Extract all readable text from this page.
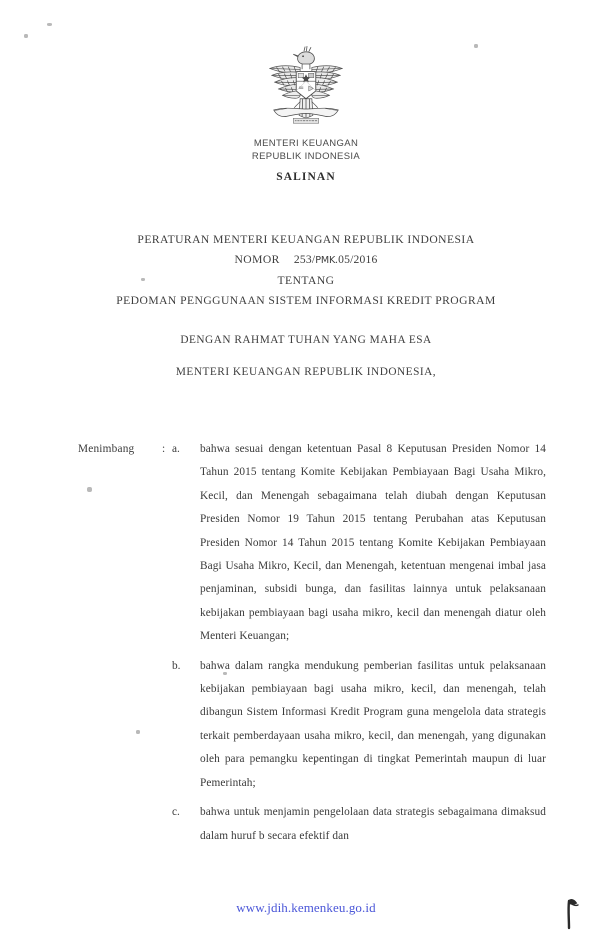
MENTERI KEUANGAN
REPUBLIK INDONESIA
SALINAN
PERATURAN MENTERI KEUANGAN REPUBLIK INDONESIA
NOMOR 253/PMK.05/2016
TENTANG
PEDOMAN PENGGUNAAN SISTEM INFORMASI KREDIT PROGRAM
DENGAN RAHMAT TUHAN YANG MAHA ESA
MENTERI KEUANGAN REPUBLIK INDONESIA,
Menimbang	: a.	bahwa sesuai dengan ketentuan Pasal 8 Keputusan Presiden Nomor 14 Tahun 2015 tentang Komite Kebijakan Pembiayaan Bagi Usaha Mikro, Kecil, dan Menengah sebagaimana telah diubah dengan Keputusan Presiden Nomor 19 Tahun 2015 tentang Perubahan atas Keputusan Presiden Nomor 14 Tahun 2015 tentang Komite Kebijakan Pembiayaan Bagi Usaha Mikro, Kecil, dan Menengah, ketentuan mengenai imbal jasa penjaminan, subsidi bunga, dan fasilitas lainnya untuk pelaksanaan kebijakan pembiayaan bagi usaha mikro, kecil dan menengah diatur oleh Menteri Keuangan;
b.	bahwa dalam rangka mendukung pemberian fasilitas untuk pelaksanaan kebijakan pembiayaan bagi usaha mikro, kecil, dan menengah, telah dibangun Sistem Informasi Kredit Program guna mengelola data strategis terkait pemberdayaan usaha mikro, kecil, dan menengah, yang digunakan oleh para pemangku kepentingan di tingkat Pemerintah maupun di luar Pemerintah;
c.	bahwa untuk menjamin pengelolaan data strategis sebagaimana dimaksud dalam huruf b secara efektif dan
www.jdih.kemenkeu.go.id
